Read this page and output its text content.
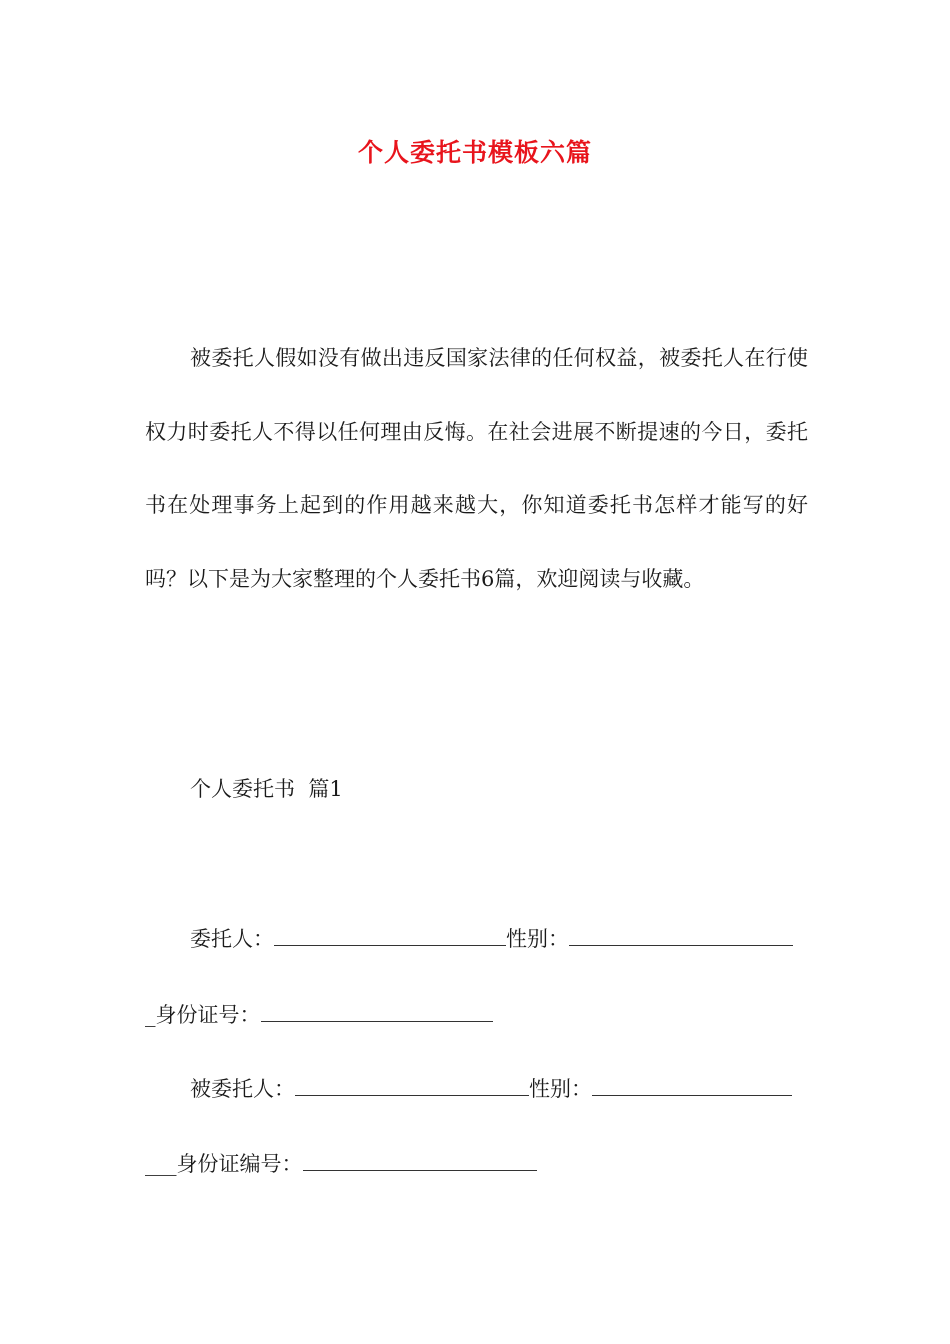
个人委托书模板六篇

被委托人假如没有做出违反国家法律的任何权益，被委托人在行使权力时委托人不得以任何理由反悔。在社会进展不断提速的今日，委托书在处理事务上起到的作用越来越大，你知道委托书怎样才能写的好吗？以下是为大家整理的个人委托书6篇，欢迎阅读与收藏。

个人委托书  篇1
委托人：	性别：
_身份证号：
被委托人：	性别：
___身份证编号：
